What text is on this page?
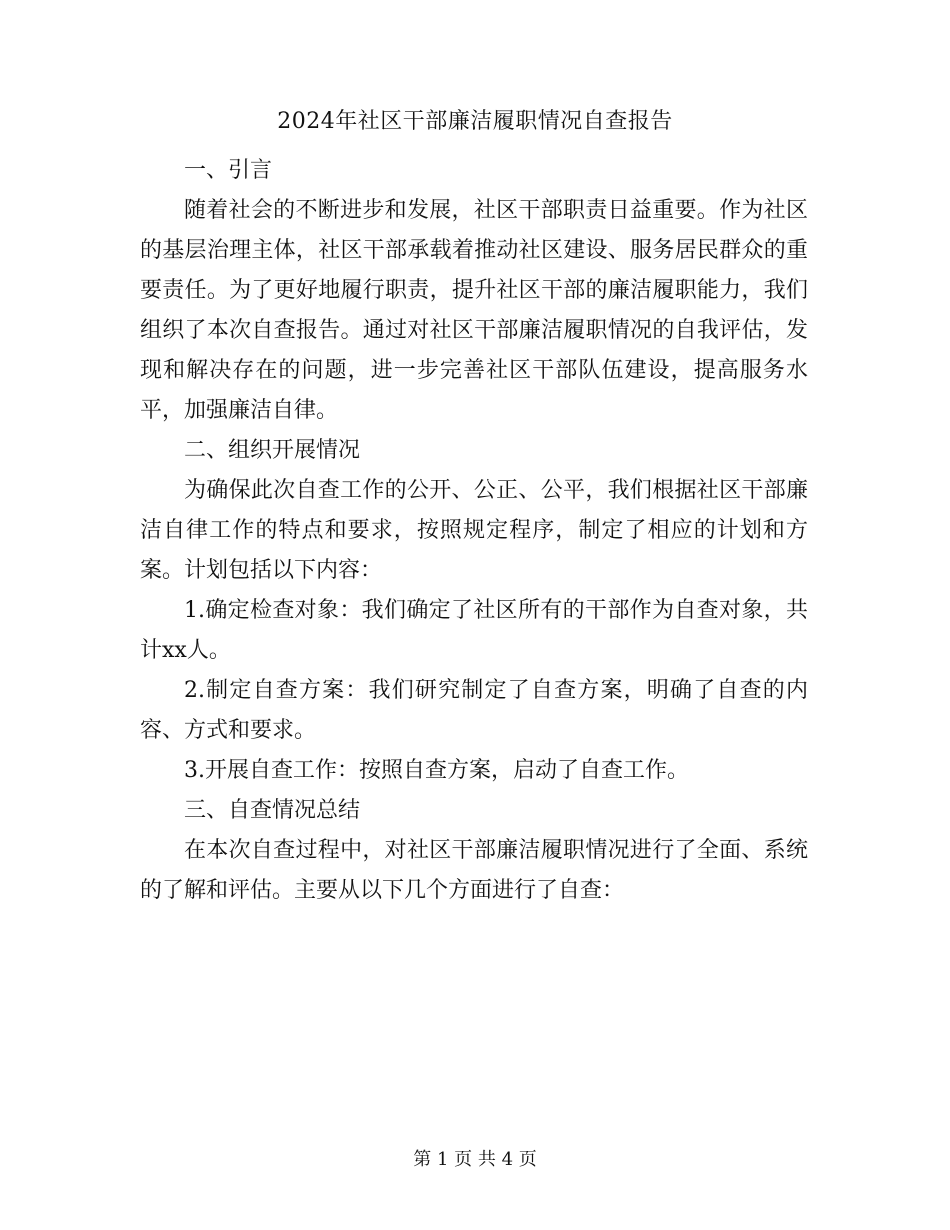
2024年社区干部廉洁履职情况自查报告

一、引言

随着社会的不断进步和发展，社区干部职责日益重要。作为社区的基层治理主体，社区干部承载着推动社区建设、服务居民群众的重要责任。为了更好地履行职责，提升社区干部的廉洁履职能力，我们组织了本次自查报告。通过对社区干部廉洁履职情况的自我评估，发现和解决存在的问题，进一步完善社区干部队伍建设，提高服务水平，加强廉洁自律。

二、组织开展情况

为确保此次自查工作的公开、公正、公平，我们根据社区干部廉洁自律工作的特点和要求，按照规定程序，制定了相应的计划和方案。计划包括以下内容：

1.确定检查对象：我们确定了社区所有的干部作为自查对象，共计xx人。

2.制定自查方案：我们研究制定了自查方案，明确了自查的内容、方式和要求。

3.开展自查工作：按照自查方案，启动了自查工作。

三、自查情况总结

在本次自查过程中，对社区干部廉洁履职情况进行了全面、系统的了解和评估。主要从以下几个方面进行了自查：

第 1 页 共 4 页
